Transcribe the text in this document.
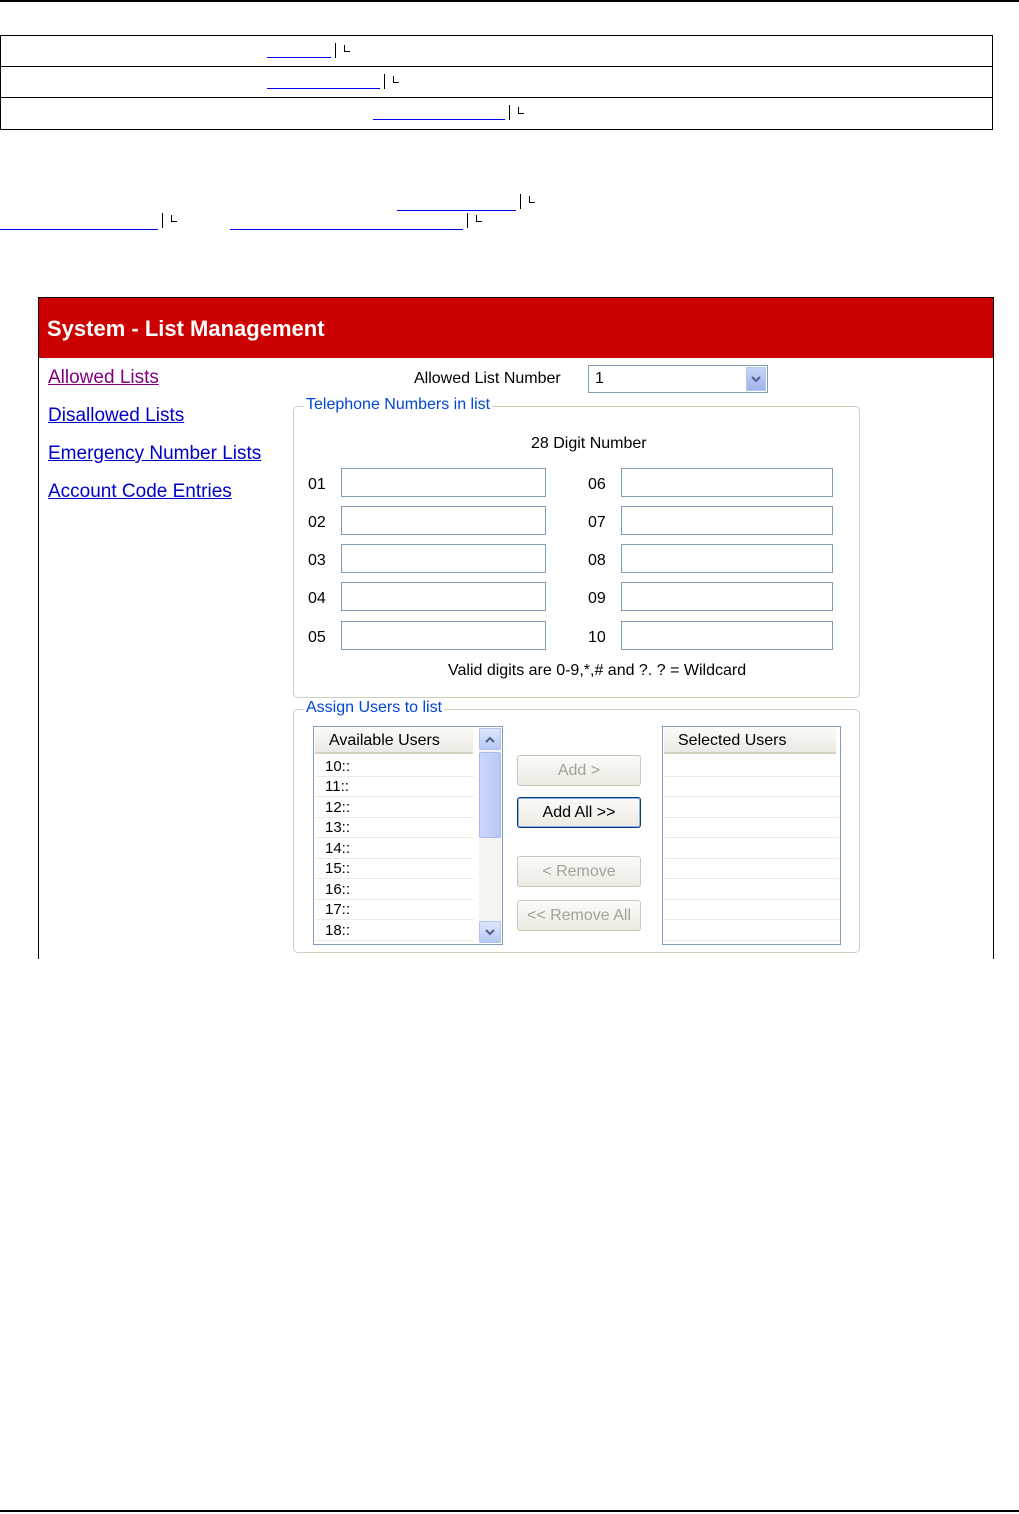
System - List Management
Allowed Lists
Disallowed Lists
Emergency Number Lists
Account Code Entries
Allowed List Number	1
Telephone Numbers in list
28 Digit Number
01
02
03
04
05
06
07
08
09
10
Valid digits are 0-9,*,# and ?. ? = Wildcard
Assign Users to list
Available Users
10::
11::
12::
13::
14::
15::
16::
17::
18::
Add >
Add All >>
< Remove
<< Remove All
Selected Users
